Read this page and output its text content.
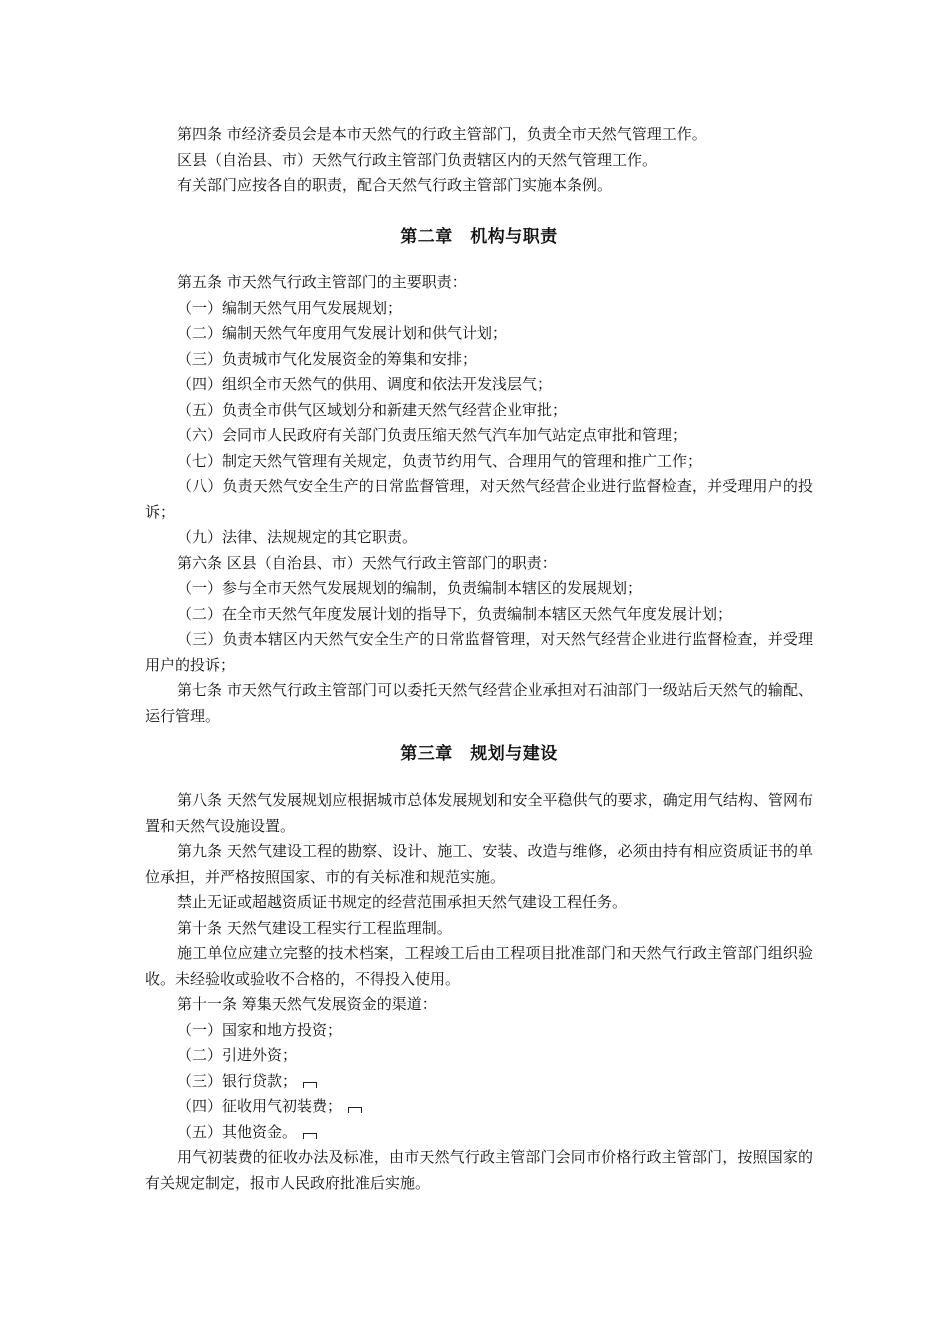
第四条 市经济委员会是本市天然气的行政主管部门，负责全市天然气管理工作。

区县（自治县、市）天然气行政主管部门负责辖区内的天然气管理工作。

有关部门应按各自的职责，配合天然气行政主管部门实施本条例。

第二章　机构与职责

第五条 市天然气行政主管部门的主要职责：

（一）编制天然气用气发展规划；

（二）编制天然气年度用气发展计划和供气计划；

（三）负责城市气化发展资金的筹集和安排；

（四）组织全市天然气的供用、调度和依法开发浅层气；

（五）负责全市供气区域划分和新建天然气经营企业审批；

（六）会同市人民政府有关部门负责压缩天然气汽车加气站定点审批和管理；

（七）制定天然气管理有关规定，负责节约用气、合理用气的管理和推广工作；

（八）负责天然气安全生产的日常监督管理，对天然气经营企业进行监督检查，并受理用户的投诉；

（九）法律、法规规定的其它职责。

第六条 区县（自治县、市）天然气行政主管部门的职责：

（一）参与全市天然气发展规划的编制，负责编制本辖区的发展规划；

（二）在全市天然气年度发展计划的指导下，负责编制本辖区天然气年度发展计划；

（三）负责本辖区内天然气安全生产的日常监督管理，对天然气经营企业进行监督检查，并受理用户的投诉；

第七条 市天然气行政主管部门可以委托天然气经营企业承担对石油部门一级站后天然气的输配、运行管理。

第三章　规划与建设

第八条 天然气发展规划应根据城市总体发展规划和安全平稳供气的要求，确定用气结构、管网布置和天然气设施设置。

第九条 天然气建设工程的勘察、设计、施工、安装、改造与维修，必须由持有相应资质证书的单位承担，并严格按照国家、市的有关标准和规范实施。

禁止无证或超越资质证书规定的经营范围承担天然气建设工程任务。

第十条 天然气建设工程实行工程监理制。

施工单位应建立完整的技术档案，工程竣工后由工程项目批准部门和天然气行政主管部门组织验收。未经验收或验收不合格的，不得投入使用。

第十一条 筹集天然气发展资金的渠道：

（一）国家和地方投资；

（二）引进外资；

（三）银行贷款；

（四）征收用气初装费；

（五）其他资金。

用气初装费的征收办法及标准，由市天然气行政主管部门会同市价格行政主管部门，按照国家的有关规定制定，报市人民政府批准后实施。
